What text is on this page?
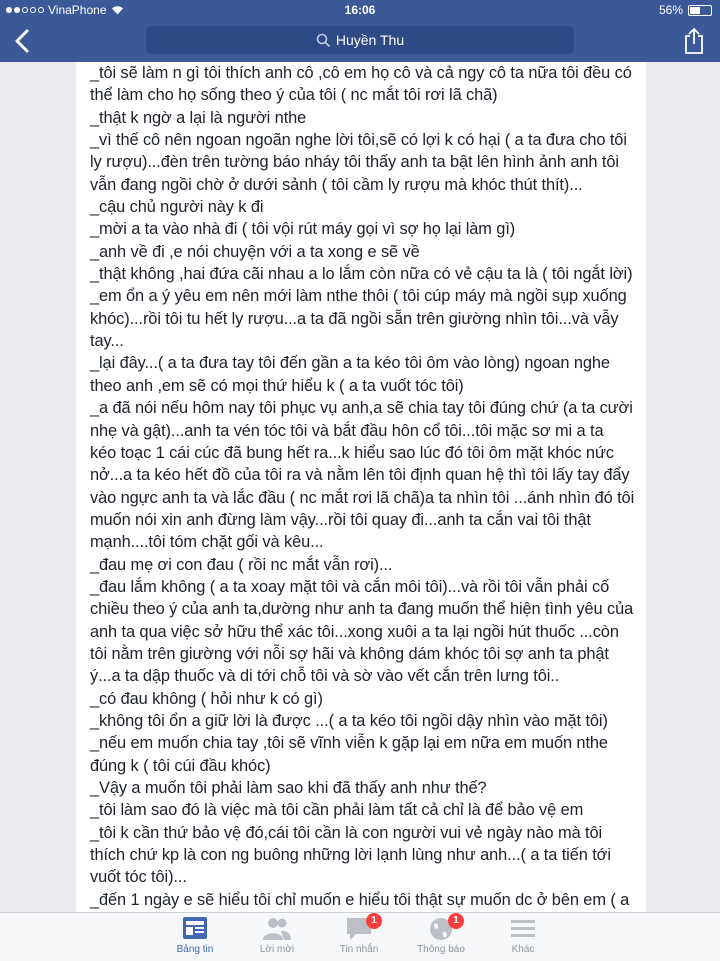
VinaPhone	16:06	56%
Huyền Thu
_tôi sẽ làm n gì tôi thích anh cô ,cô em họ cô và cả ngy cô ta nữa tôi đều có
thể làm cho họ sống theo ý của tôi ( nc mắt tôi rơi lã chã)
_thật k ngờ a lại là người nthe
_vì thế cô nên ngoan ngoãn nghe lời tôi,sẽ có lợi k có hại ( a ta đưa cho tôi
ly rượu)...đèn trên tường báo nháy tôi thấy anh ta bật lên hình ảnh anh tôi
vẫn đang ngồi chờ ở dưới sảnh ( tôi cầm ly rượu mà khóc thút thít)...
_cậu chủ người này k đi
_mời a ta vào nhà đi ( tôi vội rút máy gọi vì sợ họ lại làm gì)
_anh về đi ,e nói chuyện với a ta xong e sẽ về
_thật không ,hai đứa cãi nhau a lo lắm còn nữa có vẻ cậu ta là ( tôi ngắt lời)
_em ổn a ý yêu em nên mới làm nthe thôi ( tôi cúp máy mà ngồi sụp xuống
khóc)...rồi tôi tu hết ly rượu...a ta đã ngồi sẵn trên giường nhìn tôi...và vẫy
tay...
_lại đây...( a ta đưa tay tôi đến gần a ta kéo tôi ôm vào lòng) ngoan nghe
theo anh ,em sẽ có mọi thứ hiểu k ( a ta vuốt tóc tôi)
_a đã nói nếu hôm nay tôi phục vụ anh,a sẽ chia tay tôi đúng chứ (a ta cười
nhẹ và gật)...anh ta vén tóc tôi và bắt đầu hôn cổ tôi...tôi mặc sơ mi a ta
kéo toạc 1 cái cúc đã bung hết ra...k hiểu sao lúc đó tôi ôm mặt khóc nức
nở...a ta kéo hết đồ của tôi ra và nằm lên tôi định quan hệ thì tôi lấy tay đẩy
vào ngực anh ta và lắc đầu ( nc mắt rơi lã chã)a ta nhìn tôi ...ánh nhìn đó tôi
muốn nói xin anh đừng làm vậy...rồi tôi quay đi...anh ta cắn vai tôi thật
mạnh....tôi tóm chặt gối và kêu...
_đau mẹ ơi con đau ( rồi nc mắt vẫn rơi)...
_đau lắm không ( a ta xoay mặt tôi và cắn môi tôi)...và rồi tôi vẫn phải cố
chiều theo ý của anh ta,dường như anh ta đang muốn thể hiện tình yêu của
anh ta qua việc sở hữu thể xác tôi...xong xuôi a ta lại ngồi hút thuốc ...còn
tôi nằm trên giường với nỗi sợ hãi và không dám khóc tôi sợ anh ta phật
ý...a ta dập thuốc và di tới chỗ tôi và sờ vào vết cắn trên lưng tôi..
_có đau không ( hỏi như k có gì)
_không tôi ổn a giữ lời là được ...( a ta kéo tôi ngồi dậy nhìn vào mặt tôi)
_nếu em muốn chia tay ,tôi sẽ vĩnh viễn k gặp lại em nữa em muốn nthe
đúng k ( tôi cúi đầu khóc)
_Vậy a muốn tôi phải làm sao khi đã thấy anh như thế?
_tôi làm sao đó là việc mà tôi cần phải làm tất cả chỉ là để bảo vệ em
_tôi k cần thứ bảo vệ đó,cái tôi cần là con người vui vẻ ngày nào mà tôi
thích chứ kp là con ng buông những lời lạnh lùng như anh...( a ta tiến tới
vuốt tóc tôi)...
_đến 1 ngày e sẽ hiểu tôi chỉ muốn e hiểu tôi thật sự muốn dc ở bên em ( a
Bảng tin	Lời mời
1
Tin nhắn
1
Thông báo	Khác
